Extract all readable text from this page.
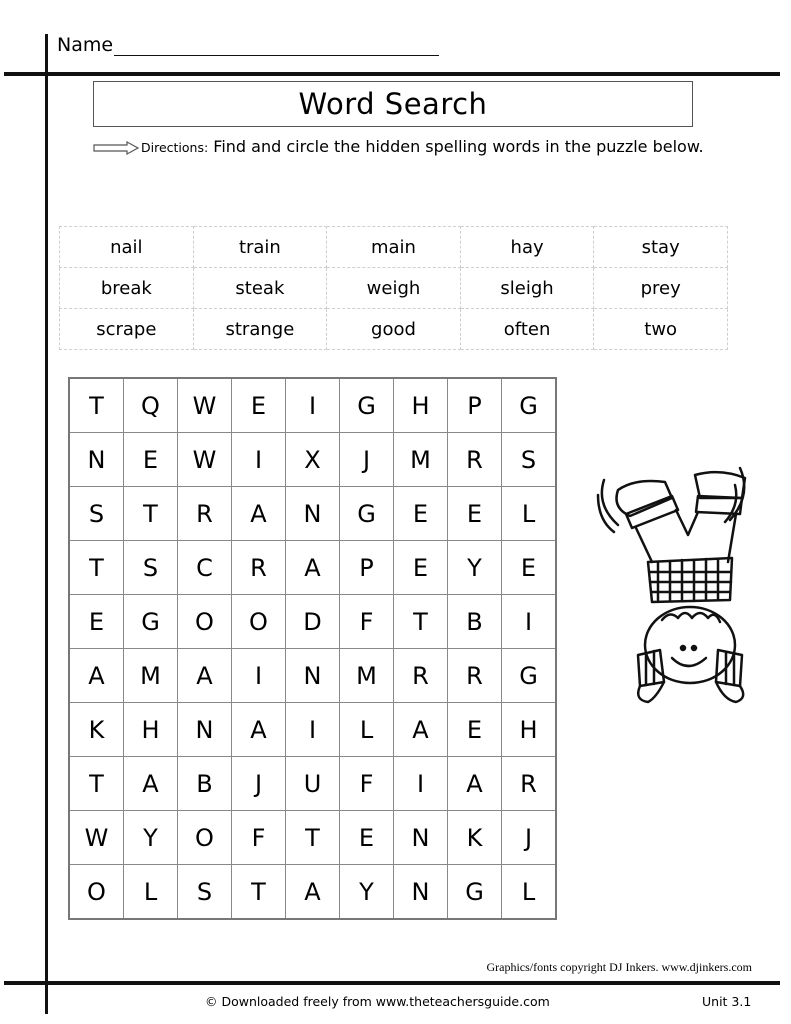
Name
Word Search
Directions: Find and circle the hidden spelling words in the puzzle below.
nail	train	main	hay	stay
break	steak	weigh	sleigh	prey
scrape	strange	good	often	two
T	Q	W	E	I	G	H	P	G
N	E	W	I	X	J	M	R	S
S	T	R	A	N	G	E	E	L
T	S	C	R	A	P	E	Y	E
E	G	O	O	D	F	T	B	I
A	M	A	I	N	M	R	R	G
K	H	N	A	I	L	A	E	H
T	A	B	J	U	F	I	A	R
W	Y	O	F	T	E	N	K	J
O	L	S	T	A	Y	N	G	L
Graphics/fonts copyright DJ Inkers. www.djinkers.com
© Downloaded freely from www.theteachersguide.com	Unit 3.1
